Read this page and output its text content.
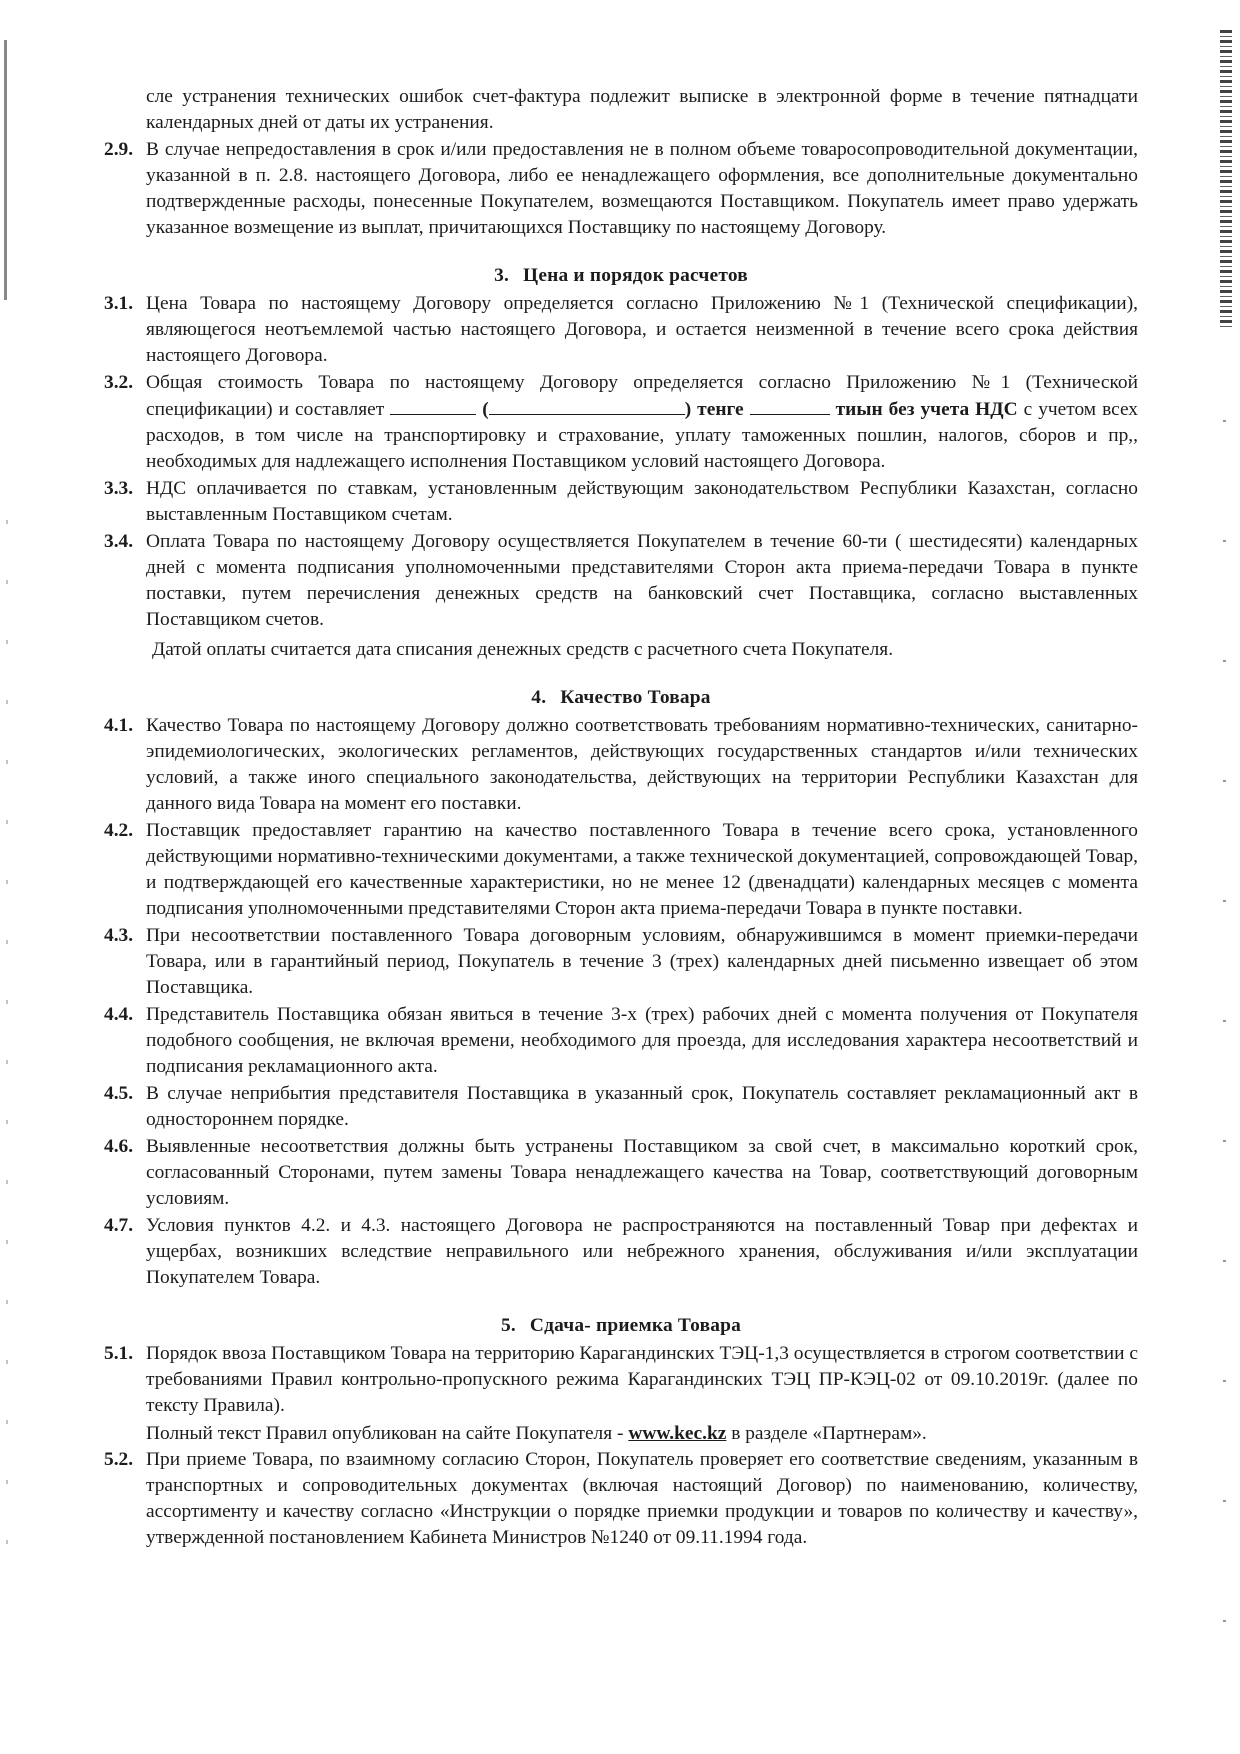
сле устранения технических ошибок счет-фактура подлежит выписке в электронной форме в течение пятнадцати календарных дней от даты их устранения.

2.9. В случае непредоставления в срок и/или предоставления не в полном объеме товаросопроводительной документации, указанной в п. 2.8. настоящего Договора, либо ее ненадлежащего оформления, все дополнительные документально подтвержденные расходы, понесенные Покупателем, возмещаются Поставщиком. Покупатель имеет право удержать указанное возмещение из выплат, причитающихся Поставщику по настоящему Договору.

3. Цена и порядок расчетов

3.1. Цена Товара по настоящему Договору определяется согласно Приложению №1 (Технической спецификации), являющегося неотъемлемой частью настоящего Договора, и остается неизменной в течение всего срока действия настоящего Договора.

3.2. Общая стоимость Товара по настоящему Договору определяется согласно Приложению №1 (Технической спецификации) и составляет	(	) тенге	тиын без учета НДС с учетом всех расходов, в том числе на транспортировку и страхование, уплату таможенных пошлин, налогов, сборов и пр,, необходимых для надлежащего исполнения Поставщиком условий настоящего Договора.

3.3. НДС оплачивается по ставкам, установленным действующим законодательством Республики Казахстан, согласно выставленным Поставщиком счетам.

3.4. Оплата Товара по настоящему Договору осуществляется Покупателем в течение 60-ти ( шестидесяти) календарных дней с момента подписания уполномоченными представителями Сторон акта приема-передачи Товара в пункте поставки, путем перечисления денежных средств на банковский счет Поставщика, согласно выставленных Поставщиком счетов.

Датой оплаты считается дата списания денежных средств с расчетного счета Покупателя.

4. Качество Товара

4.1. Качество Товара по настоящему Договору должно соответствовать требованиям нормативно-технических, санитарно-эпидемиологических, экологических регламентов, действующих государственных стандартов и/или технических условий, а также иного специального законодательства, действующих на территории Республики Казахстан для данного вида Товара на момент его поставки.

4.2. Поставщик предоставляет гарантию на качество поставленного Товара в течение всего срока, установленного действующими нормативно-техническими документами, а также технической документацией, сопровождающей Товар, и подтверждающей его качественные характеристики, но не менее 12 (двенадцати) календарных месяцев с момента подписания уполномоченными представителями Сторон акта приема-передачи Товара в пункте поставки.

4.3. При несоответствии поставленного Товара договорным условиям, обнаружившимся в момент приемки-передачи Товара, или в гарантийный период, Покупатель в течение 3 (трех) календарных дней письменно извещает об этом Поставщика.

4.4. Представитель Поставщика обязан явиться в течение 3-х (трех) рабочих дней с момента получения от Покупателя подобного сообщения, не включая времени, необходимого для проезда, для исследования характера несоответствий и подписания рекламационного акта.

4.5. В случае неприбытия представителя Поставщика в указанный срок, Покупатель составляет рекламационный акт в одностороннем порядке.

4.6. Выявленные несоответствия должны быть устранены Поставщиком за свой счет, в максимально короткий срок, согласованный Сторонами, путем замены Товара ненадлежащего качества на Товар, соответствующий договорным условиям.

4.7. Условия пунктов 4.2. и 4.3. настоящего Договора не распространяются на поставленный Товар при дефектах и ущербах, возникших вследствие неправильного или небрежного хранения, обслуживания и/или эксплуатации Покупателем Товара.

5. Сдача- приемка Товара

5.1. Порядок ввоза Поставщиком Товара на территорию Карагандинских ТЭЦ-1,3 осуществляется в строгом соответствии с требованиями Правил контрольно-пропускного режима Карагандинских ТЭЦ ПР-КЭЦ-02 от 09.10.2019г. (далее по тексту Правила).

Полный текст Правил опубликован на сайте Покупателя - www.kec.kz в разделе «Партнерам».

5.2. При приеме Товара, по взаимному согласию Сторон, Покупатель проверяет его соответствие сведениям, указанным в транспортных и сопроводительных документах (включая настоящий Договор) по наименованию, количеству, ассортименту и качеству согласно «Инструкции о порядке приемки продукции и товаров по количеству и качеству», утвержденной постановлением Кабинета Министров №1240 от 09.11.1994 года.
